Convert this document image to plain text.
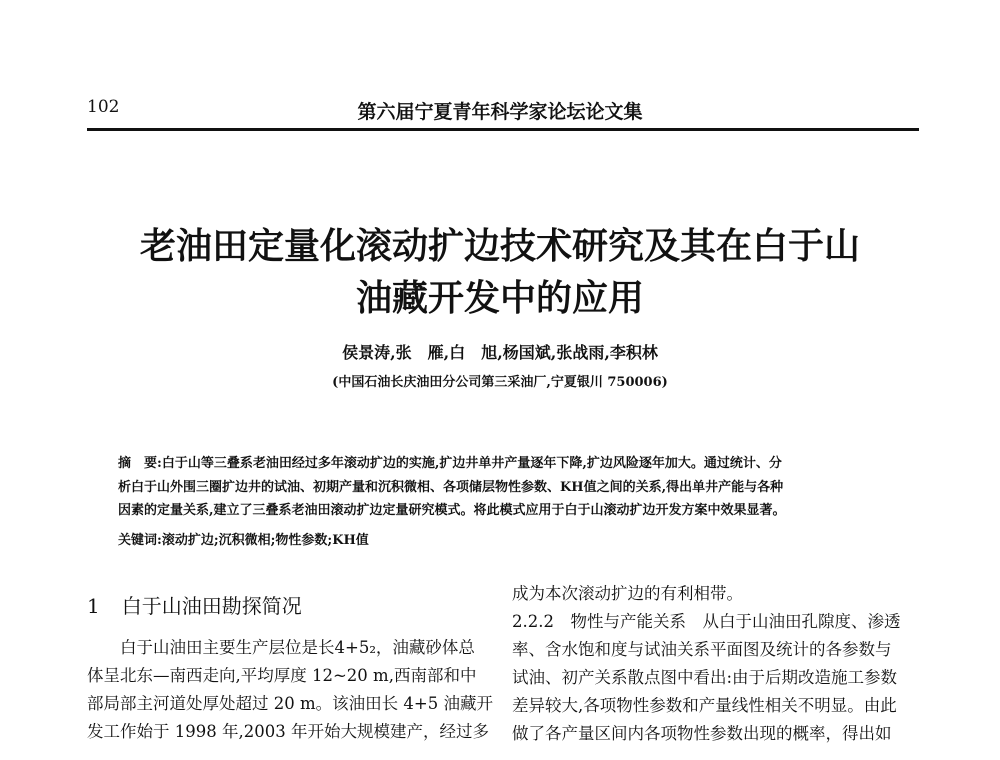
102	第六届宁夏青年科学家论坛论文集
老油田定量化滚动扩边技术研究及其在白于山
油藏开发中的应用
侯景涛,张　雁,白　旭,杨国斌,张战雨,李积林
(中国石油长庆油田分公司第三采油厂,宁夏银川 750006)
摘　要:白于山等三叠系老油田经过多年滚动扩边的实施,扩边井单井产量逐年下降,扩边风险逐年加大。通过统计、分
析白于山外围三圈扩边井的试油、初期产量和沉积微相、各项储层物性参数、KH值之间的关系,得出单井产能与各种
因素的定量关系,建立了三叠系老油田滚动扩边定量研究模式。将此模式应用于白于山滚动扩边开发方案中效果显著。
关键词:滚动扩边;沉积微相;物性参数;KH值
1 白于山油田勘探简况
　　白于山油田主要生产层位是长4+5₂，油藏砂体总
体呈北东—南西走向,平均厚度 12~20 m,西南部和中
部局部主河道处厚处超过 20 m。该油田长 4+5 油藏开
发工作始于 1998 年,2003 年开始大规模建产，经过多
成为本次滚动扩边的有利相带。
2.2.2　物性与产能关系　从白于山油田孔隙度、渗透
率、含水饱和度与试油关系平面图及统计的各参数与
试油、初产关系散点图中看出:由于后期改造施工参数
差异较大,各项物性参数和产量线性相关不明显。由此
做了各产量区间内各项物性参数出现的概率，得出如
